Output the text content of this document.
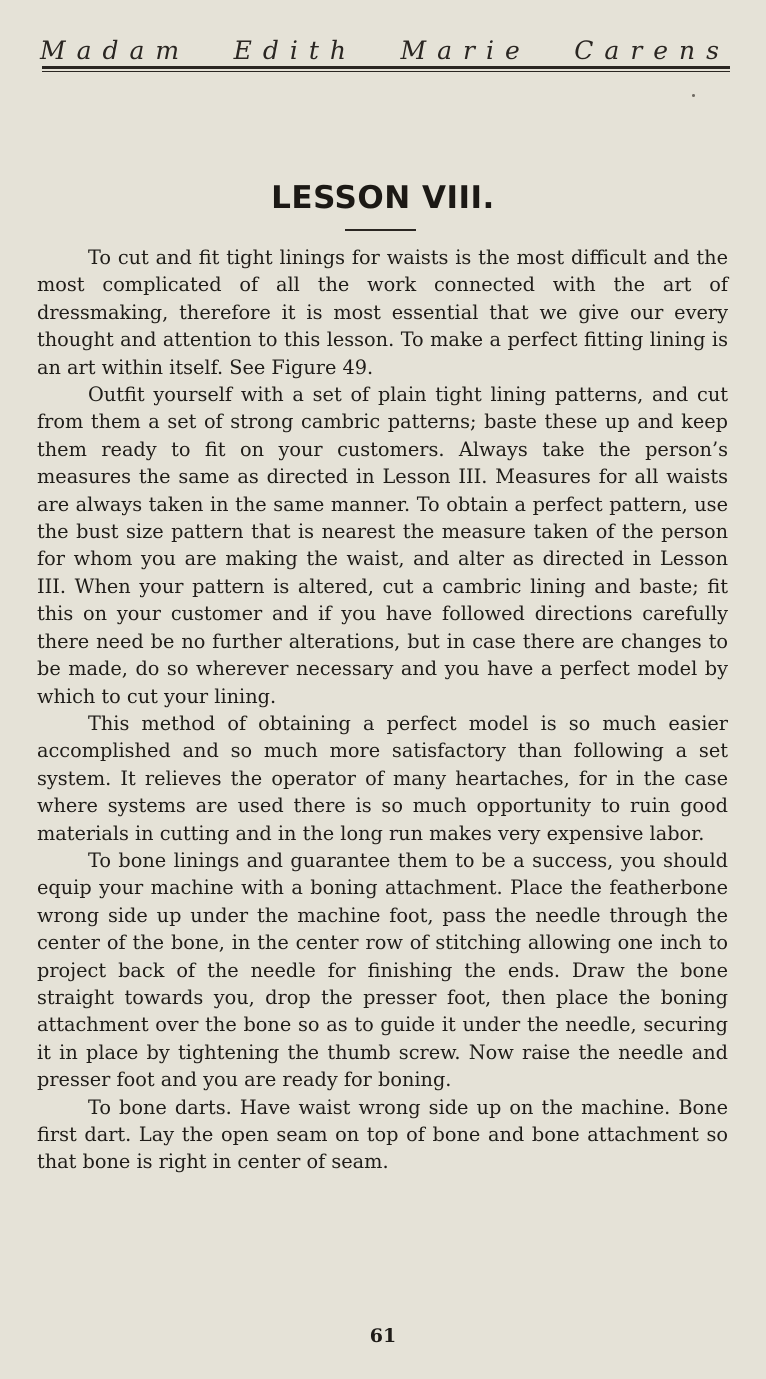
Madam Edith Marie Carens
LESSON VIII.

To cut and fit tight linings for waists is the most difficult and the most complicated of all the work connected with the art of dressmaking, therefore it is most essential that we give our every thought and attention to this lesson. To make a perfect fitting lining is an art within itself. See Figure 49.

Outfit yourself with a set of plain tight lining patterns, and cut from them a set of strong cambric patterns; baste these up and keep them ready to fit on your customers. Always take the person’s measures the same as directed in Lesson III. Measures for all waists are always taken in the same manner. To obtain a perfect pattern, use the bust size pattern that is nearest the measure taken of the person for whom you are making the waist, and alter as directed in Lesson III. When your pattern is altered, cut a cambric lining and baste; fit this on your customer and if you have followed directions carefully there need be no further alterations, but in case there are changes to be made, do so wherever necessary and you have a perfect model by which to cut your lining.

This method of obtaining a perfect model is so much easier accomplished and so much more satisfactory than following a set system. It relieves the operator of many heartaches, for in the case where systems are used there is so much opportunity to ruin good materials in cutting and in the long run makes very expensive labor.

To bone linings and guarantee them to be a success, you should equip your machine with a boning attachment. Place the featherbone wrong side up under the machine foot, pass the needle through the center of the bone, in the center row of stitching allowing one inch to project back of the needle for finishing the ends. Draw the bone straight towards you, drop the presser foot, then place the boning attachment over the bone so as to guide it under the needle, securing it in place by tightening the thumb screw. Now raise the needle and presser foot and you are ready for boning.

To bone darts. Have waist wrong side up on the machine. Bone first dart. Lay the open seam on top of bone and bone attachment so that bone is right in center of seam.

61
